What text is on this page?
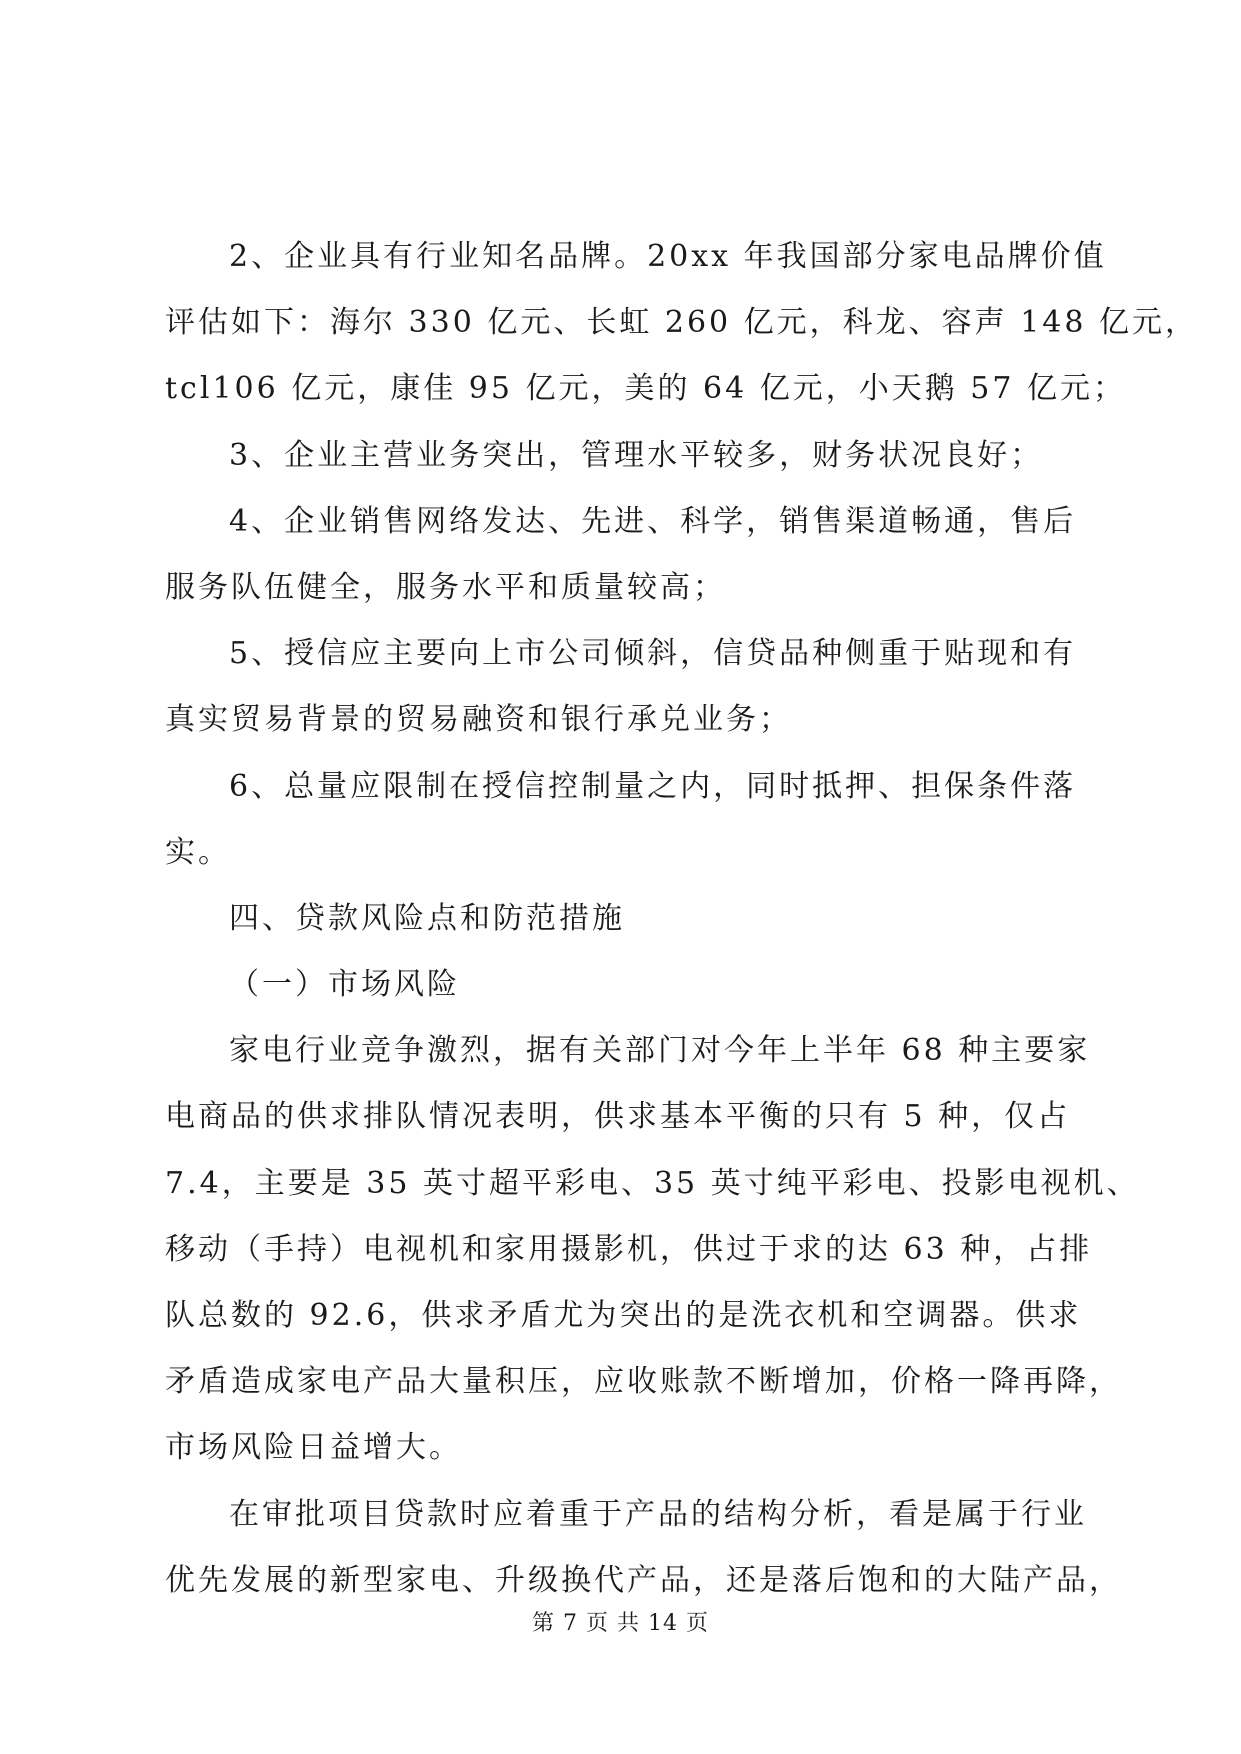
2、企业具有行业知名品牌。20xx 年我国部分家电品牌价值
评估如下：海尔 330 亿元、长虹 260 亿元，科龙、容声 148 亿元，
tcl106 亿元，康佳 95 亿元，美的 64 亿元，小天鹅 57 亿元；
3、企业主营业务突出，管理水平较多，财务状况良好；
4、企业销售网络发达、先进、科学，销售渠道畅通，售后
服务队伍健全，服务水平和质量较高；
5、授信应主要向上市公司倾斜，信贷品种侧重于贴现和有
真实贸易背景的贸易融资和银行承兑业务；
6、总量应限制在授信控制量之内，同时抵押、担保条件落
实。
四、贷款风险点和防范措施
（一）市场风险
家电行业竞争激烈，据有关部门对今年上半年 68 种主要家
电商品的供求排队情况表明，供求基本平衡的只有 5 种，仅占
7.4，主要是 35 英寸超平彩电、35 英寸纯平彩电、投影电视机、
移动（手持）电视机和家用摄影机，供过于求的达 63 种，占排
队总数的 92.6，供求矛盾尤为突出的是洗衣机和空调器。供求
矛盾造成家电产品大量积压，应收账款不断增加，价格一降再降，
市场风险日益增大。
在审批项目贷款时应着重于产品的结构分析，看是属于行业
优先发展的新型家电、升级换代产品，还是落后饱和的大陆产品，
第 7 页 共 14 页
